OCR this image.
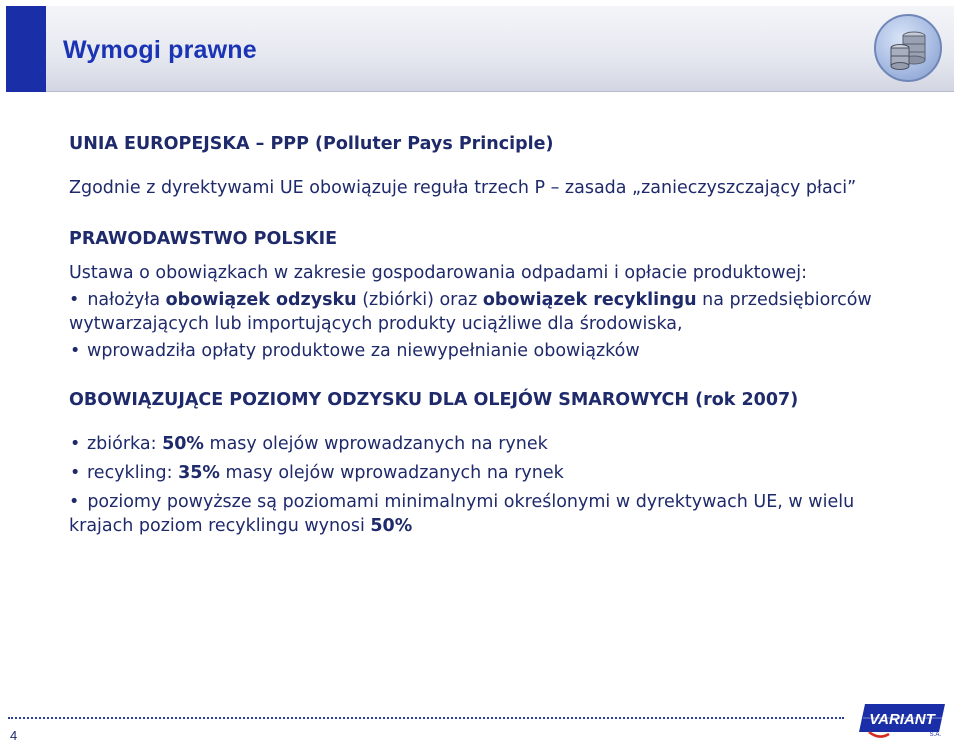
Wymogi prawne
UNIA EUROPEJSKA – PPP (Polluter Pays Principle)
Zgodnie z dyrektywami UE obowiązuje reguła trzech P – zasada „zanieczyszczający płaci”
PRAWODAWSTWO POLSKIE
Ustawa o obowiązkach w zakresie gospodarowania odpadami i opłacie produktowej:
• nałożyła obowiązek odzysku (zbiórki) oraz obowiązek recyklingu na przedsiębiorców wytwarzających lub importujących produkty uciążliwe dla środowiska,
• wprowadziła opłaty produktowe za niewypełnianie obowiązków
OBOWIĄZUJĄCE POZIOMY ODZYSKU DLA OLEJÓW SMAROWYCH (rok 2007)
• zbiórka: 50% masy olejów wprowadzanych na rynek
• recykling: 35% masy olejów wprowadzanych na rynek
• poziomy powyższe są poziomami minimalnymi określonymi w dyrektywach UE, w wielu krajach poziom recyklingu wynosi 50%
4
VARIANT
S.A.
